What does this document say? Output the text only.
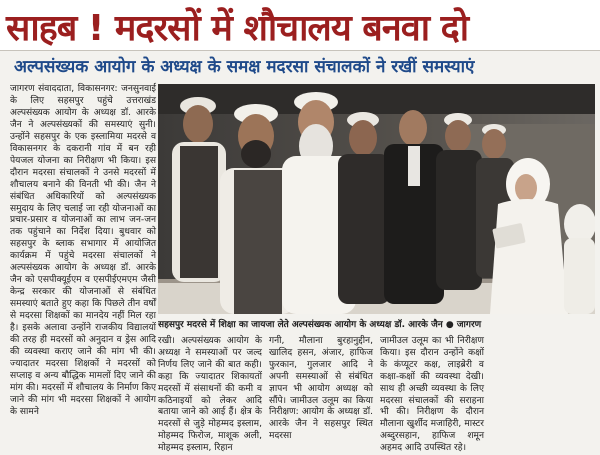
साहब ! मदरसों में शौचालय बनवा दो
अल्पसंख्यक आयोग के अध्यक्ष के समक्ष मदरसा संचालकों ने रखीं समस्याएं

जागरण संवाददाता, विकासनगर: जनसुनवाई के लिए सहसपुर पहुंचे उत्तराखंड अल्पसंख्यक आयोग के अध्यक्ष डॉ. आरके जैन ने अल्पसंख्यकों की समस्याएं सुनी। उन्होंने सहसपुर के एक इस्लामिया मदरसे व विकासनगर के दकरानी गांव में बन रही पेयजल योजना का निरीक्षण भी किया। इस दौरान मदरसा संचालकों ने उनसे मदरसों में शौचालय बनाने की विनती भी की। जैन ने संबंधित अधिकारियों को अल्पसंख्यक समुदाय के लिए चलाई जा रही योजनाओं का प्रचार-प्रसार व योजनाओं का लाभ जन-जन तक पहुंचाने का निर्देश दिया। बुधवार को सहसपुर के ब्लाक सभागार में आयोजित कार्यक्रम में पहुंचे मदरसा संचालकों ने अल्पसंख्यक आयोग के अध्यक्ष डॉ. आरके जैन को एसपीक्यूईएम व एसपीईएमएम जैसी केन्द्र सरकार की योजनाओं से संबंधित समस्याएं बताते हुए कहा कि पिछले तीन वर्षों से मदरसा शिक्षकों का मानदेय नहीं मिल रहा है। इसके अलावा उन्होंने राजकीय विद्यालयों की तरह ही मदरसों को अनुदान व ड्रेस आदि की व्यवस्था कराए जाने की मांग भी की। ज्यादातर मदरसा शिक्षकों ने मदरसों को सप्लाइ व अन्य बौद्धिक मामलों दिए जाने की मांग की। मदरसों में शौचालय के निर्माण किए जाने की मांग भी मदरसा शिक्षकों ने आयोग के सामने

सहसपुर मदरसे में शिक्षा का जायजा लेते अल्पसंख्यक आयोग के अध्यक्ष डॉ. आरके जैन ● जागरण

रखी। अल्पसंख्यक आयोग के अध्यक्ष ने समस्याओं पर जल्द निर्णय लिए जाने की बात कही। कहा कि ज्यादातर शिकायतों मदरसों में संसाधनों की कमी व कठिनाइयों को लेकर आदि बताया जाने को आई हैं। क्षेत्र के मदरसों से जुड़े मोहम्मद इस्लाम, मोहम्मद फिरोज, माशूक अली, मोहम्मद इस्लाम, रिहान

गनी, मौलाना बुरहानुद्दीन, खालिद हसन, अंजार, हाफिज फुरकान, गुलजार आदि ने अपनी समस्याओं से संबंधित ज्ञापन भी आयोग अध्यक्ष को सौंपे। जामीउल उलूम का किया निरीक्षण: आयोग के अध्यक्ष डॉ. आरके जैन ने सहसपुर स्थित मदरसा

जामीउल उलूम का भी निरीक्षण किया। इस दौरान उन्होंने कक्षों के कंप्यूटर कक्ष, लाइब्रेरी व कक्षा-कक्षों की व्यवस्था देखी। साथ ही अच्छी व्यवस्था के लिए मदरसा संचालकों की सराहना भी की। निरीक्षण के दौरान मौलाना खुर्शीद मजाहिरी, मास्टर अब्दुरसहान, हाफिज शमून अहमद आदि उपस्थित रहे।
